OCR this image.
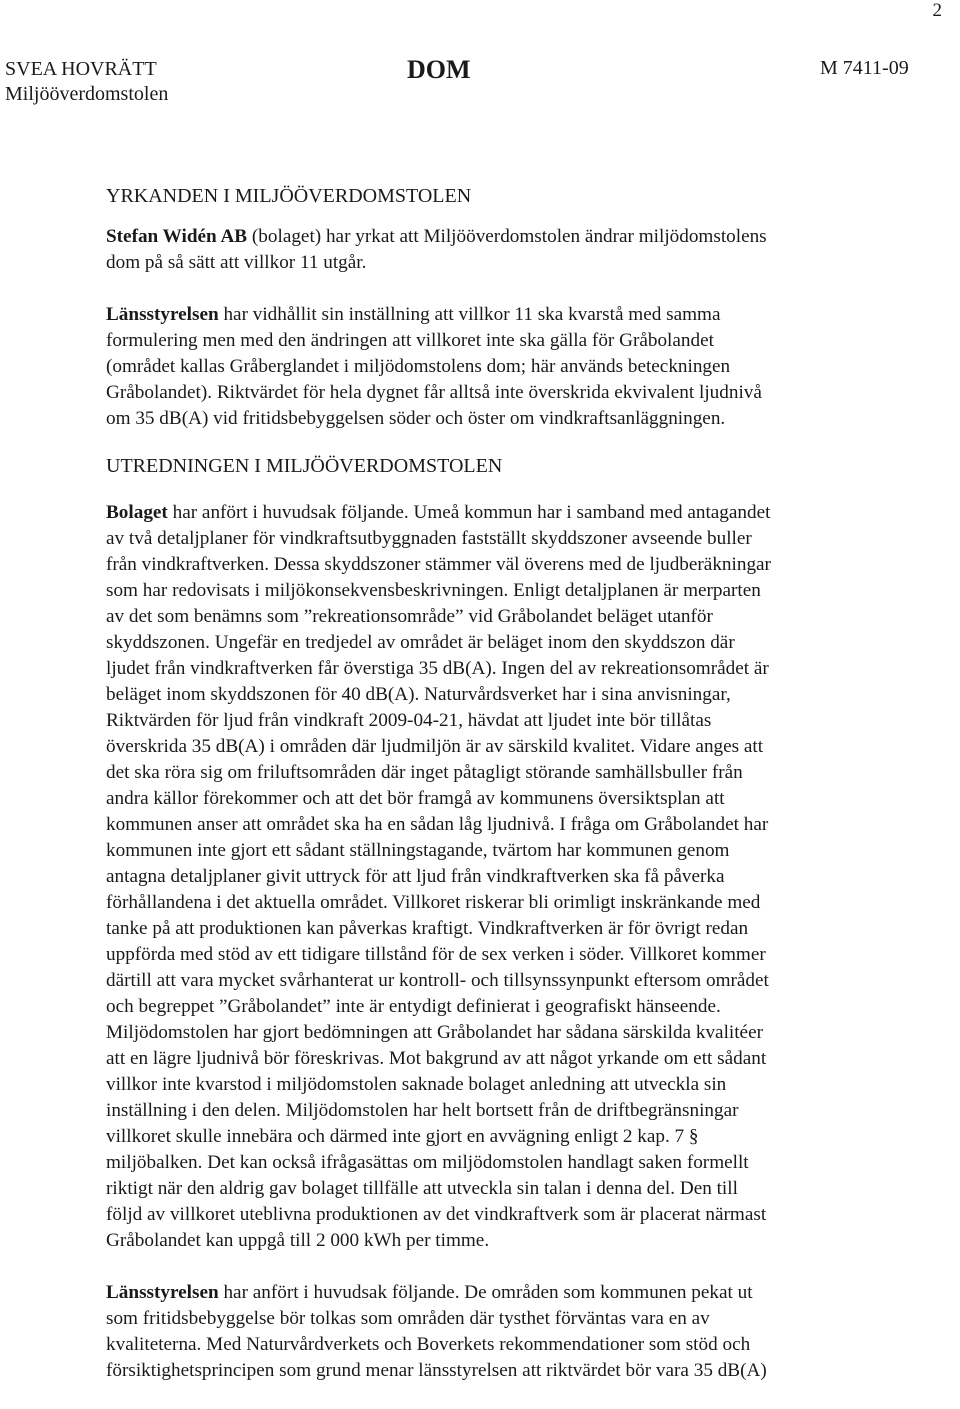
2
SVEA HOVRÄTT
Miljööverdomstolen
DOM	M 7411-09
YRKANDEN I MILJÖÖVERDOMSTOLEN

Stefan Widén AB (bolaget) har yrkat att Miljööverdomstolen ändrar miljödomstolens
dom på så sätt att villkor 11 utgår.

Länsstyrelsen har vidhållit sin inställning att villkor 11 ska kvarstå med samma
formulering men med den ändringen att villkoret inte ska gälla för Gråbolandet
(området kallas Gråberglandet i miljödomstolens dom; här används beteckningen
Gråbolandet). Riktvärdet för hela dygnet får alltså inte överskrida ekvivalent ljudnivå
om 35 dB(A) vid fritidsbebyggelsen söder och öster om vindkraftsanläggningen.

UTREDNINGEN I MILJÖÖVERDOMSTOLEN

Bolaget har anfört i huvudsak följande. Umeå kommun har i samband med antagandet
av två detaljplaner för vindkraftsutbyggnaden fastställt skyddszoner avseende buller
från vindkraftverken. Dessa skyddszoner stämmer väl överens med de ljudberäkningar
som har redovisats i miljökonsekvensbeskrivningen. Enligt detaljplanen är merparten
av det som benämns som ”rekreationsområde” vid Gråbolandet beläget utanför
skyddszonen. Ungefär en tredjedel av området är beläget inom den skyddszon där
ljudet från vindkraftverken får överstiga 35 dB(A). Ingen del av rekreationsområdet är
beläget inom skyddszonen för 40 dB(A). Naturvårdsverket har i sina anvisningar,
Riktvärden för ljud från vindkraft 2009-04-21, hävdat att ljudet inte bör tillåtas
överskrida 35 dB(A) i områden där ljudmiljön är av särskild kvalitet. Vidare anges att
det ska röra sig om friluftsområden där inget påtagligt störande samhällsbuller från
andra källor förekommer och att det bör framgå av kommunens översiktsplan att
kommunen anser att området ska ha en sådan låg ljudnivå. I fråga om Gråbolandet har
kommunen inte gjort ett sådant ställningstagande, tvärtom har kommunen genom
antagna detaljplaner givit uttryck för att ljud från vindkraftverken ska få påverka
förhållandena i det aktuella området. Villkoret riskerar bli orimligt inskränkande med
tanke på att produktionen kan påverkas kraftigt. Vindkraftverken är för övrigt redan
uppförda med stöd av ett tidigare tillstånd för de sex verken i söder. Villkoret kommer
därtill att vara mycket svårhanterat ur kontroll- och tillsynssynpunkt eftersom området
och begreppet ”Gråbolandet” inte är entydigt definierat i geografiskt hänseende.
Miljödomstolen har gjort bedömningen att Gråbolandet har sådana särskilda kvalitéer
att en lägre ljudnivå bör föreskrivas. Mot bakgrund av att något yrkande om ett sådant
villkor inte kvarstod i miljödomstolen saknade bolaget anledning att utveckla sin
inställning i den delen. Miljödomstolen har helt bortsett från de driftbegränsningar
villkoret skulle innebära och därmed inte gjort en avvägning enligt 2 kap. 7 §
miljöbalken. Det kan också ifrågasättas om miljödomstolen handlagt saken formellt
riktigt när den aldrig gav bolaget tillfälle att utveckla sin talan i denna del. Den till
följd av villkoret uteblivna produktionen av det vindkraftverk som är placerat närmast
Gråbolandet kan uppgå till 2 000 kWh per timme.

Länsstyrelsen har anfört i huvudsak följande. De områden som kommunen pekat ut
som fritidsbebyggelse bör tolkas som områden där tysthet förväntas vara en av
kvaliteterna. Med Naturvårdverkets och Boverkets rekommendationer som stöd och
försiktighetsprincipen som grund menar länsstyrelsen att riktvärdet bör vara 35 dB(A)
